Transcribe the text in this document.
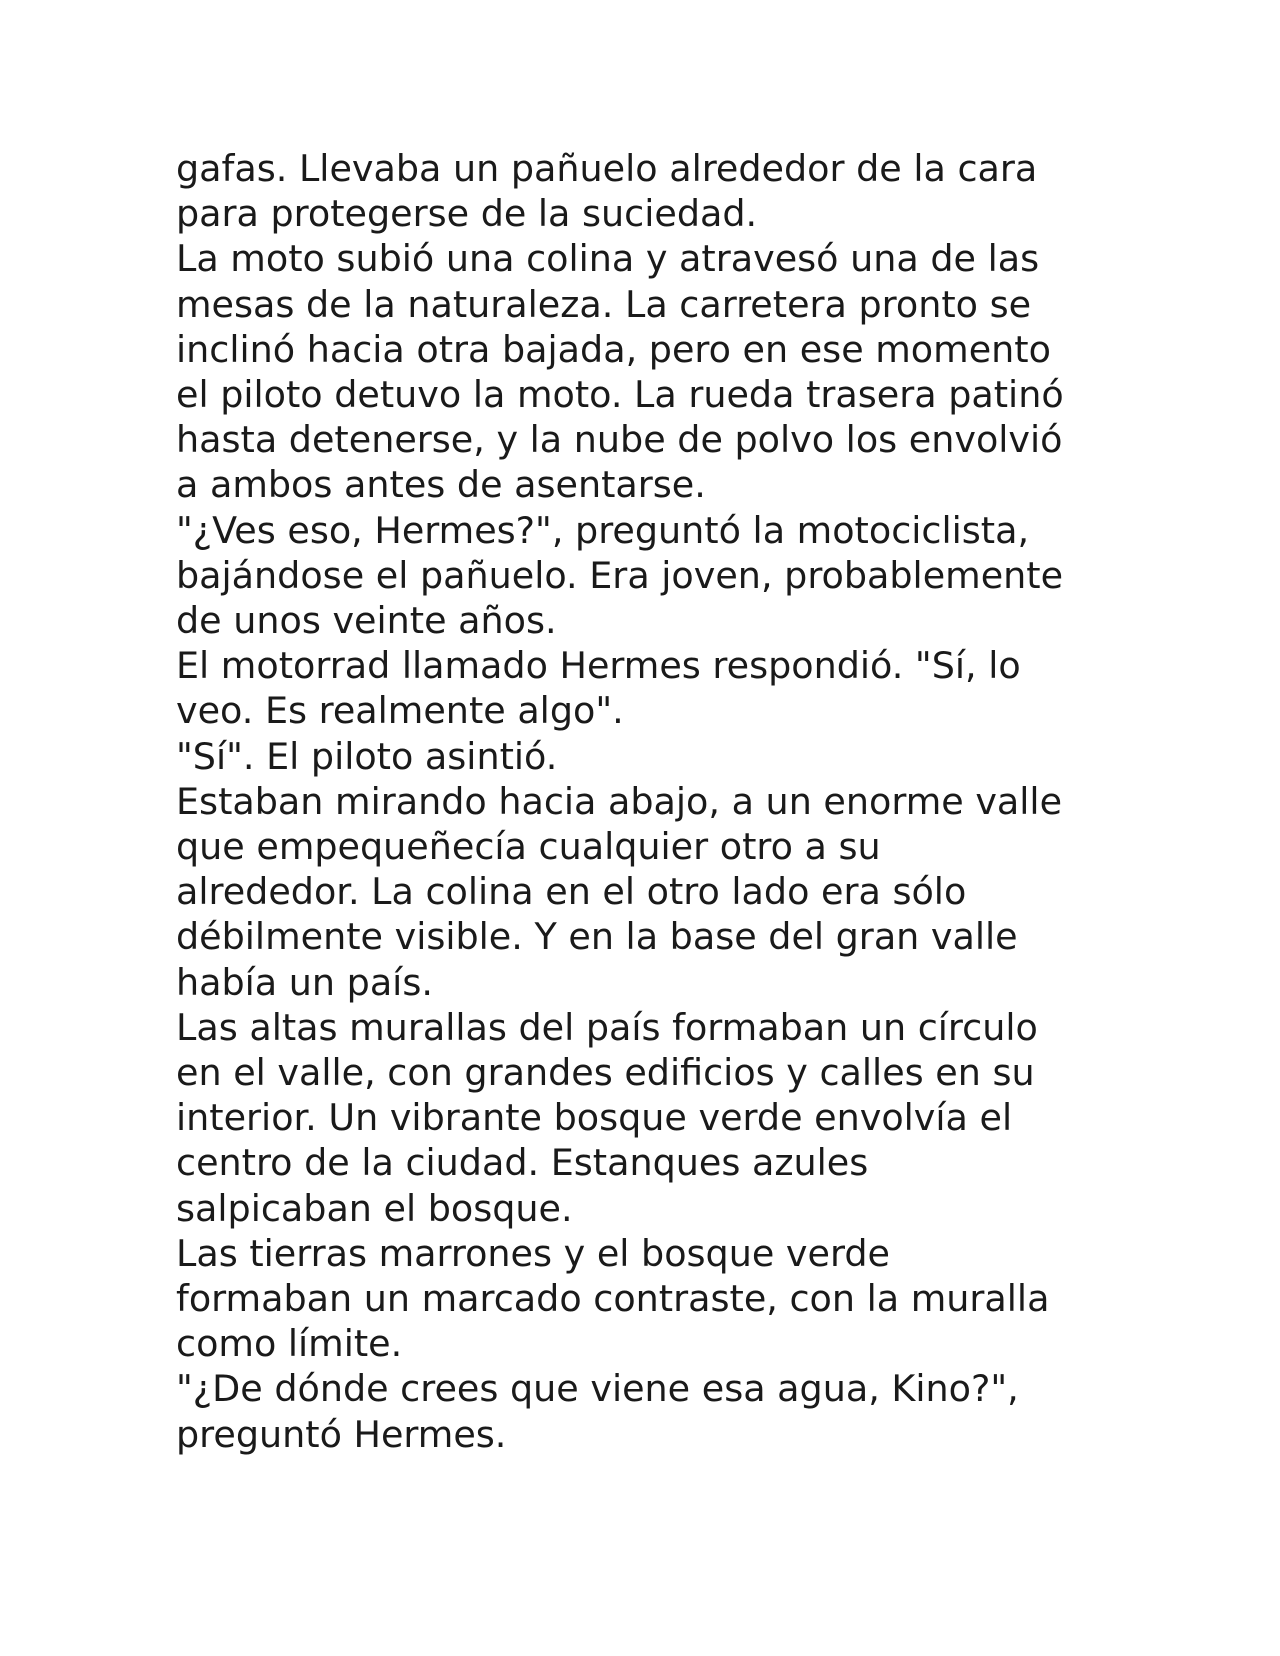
gafas. Llevaba un pañuelo alrededor de la cara
para protegerse de la suciedad.
La moto subió una colina y atravesó una de las
mesas de la naturaleza. La carretera pronto se
inclinó hacia otra bajada, pero en ese momento
el piloto detuvo la moto. La rueda trasera patinó
hasta detenerse, y la nube de polvo los envolvió
a ambos antes de asentarse.
"¿Ves eso, Hermes?", preguntó la motociclista,
bajándose el pañuelo. Era joven, probablemente
de unos veinte años.
El motorrad llamado Hermes respondió. "Sí, lo
veo. Es realmente algo".
"Sí". El piloto asintió.
Estaban mirando hacia abajo, a un enorme valle
que empequeñecía cualquier otro a su
alrededor. La colina en el otro lado era sólo
débilmente visible. Y en la base del gran valle
había un país.
Las altas murallas del país formaban un círculo
en el valle, con grandes edificios y calles en su
interior. Un vibrante bosque verde envolvía el
centro de la ciudad. Estanques azules
salpicaban el bosque.
Las tierras marrones y el bosque verde
formaban un marcado contraste, con la muralla
como límite.
"¿De dónde crees que viene esa agua, Kino?",
preguntó Hermes.
